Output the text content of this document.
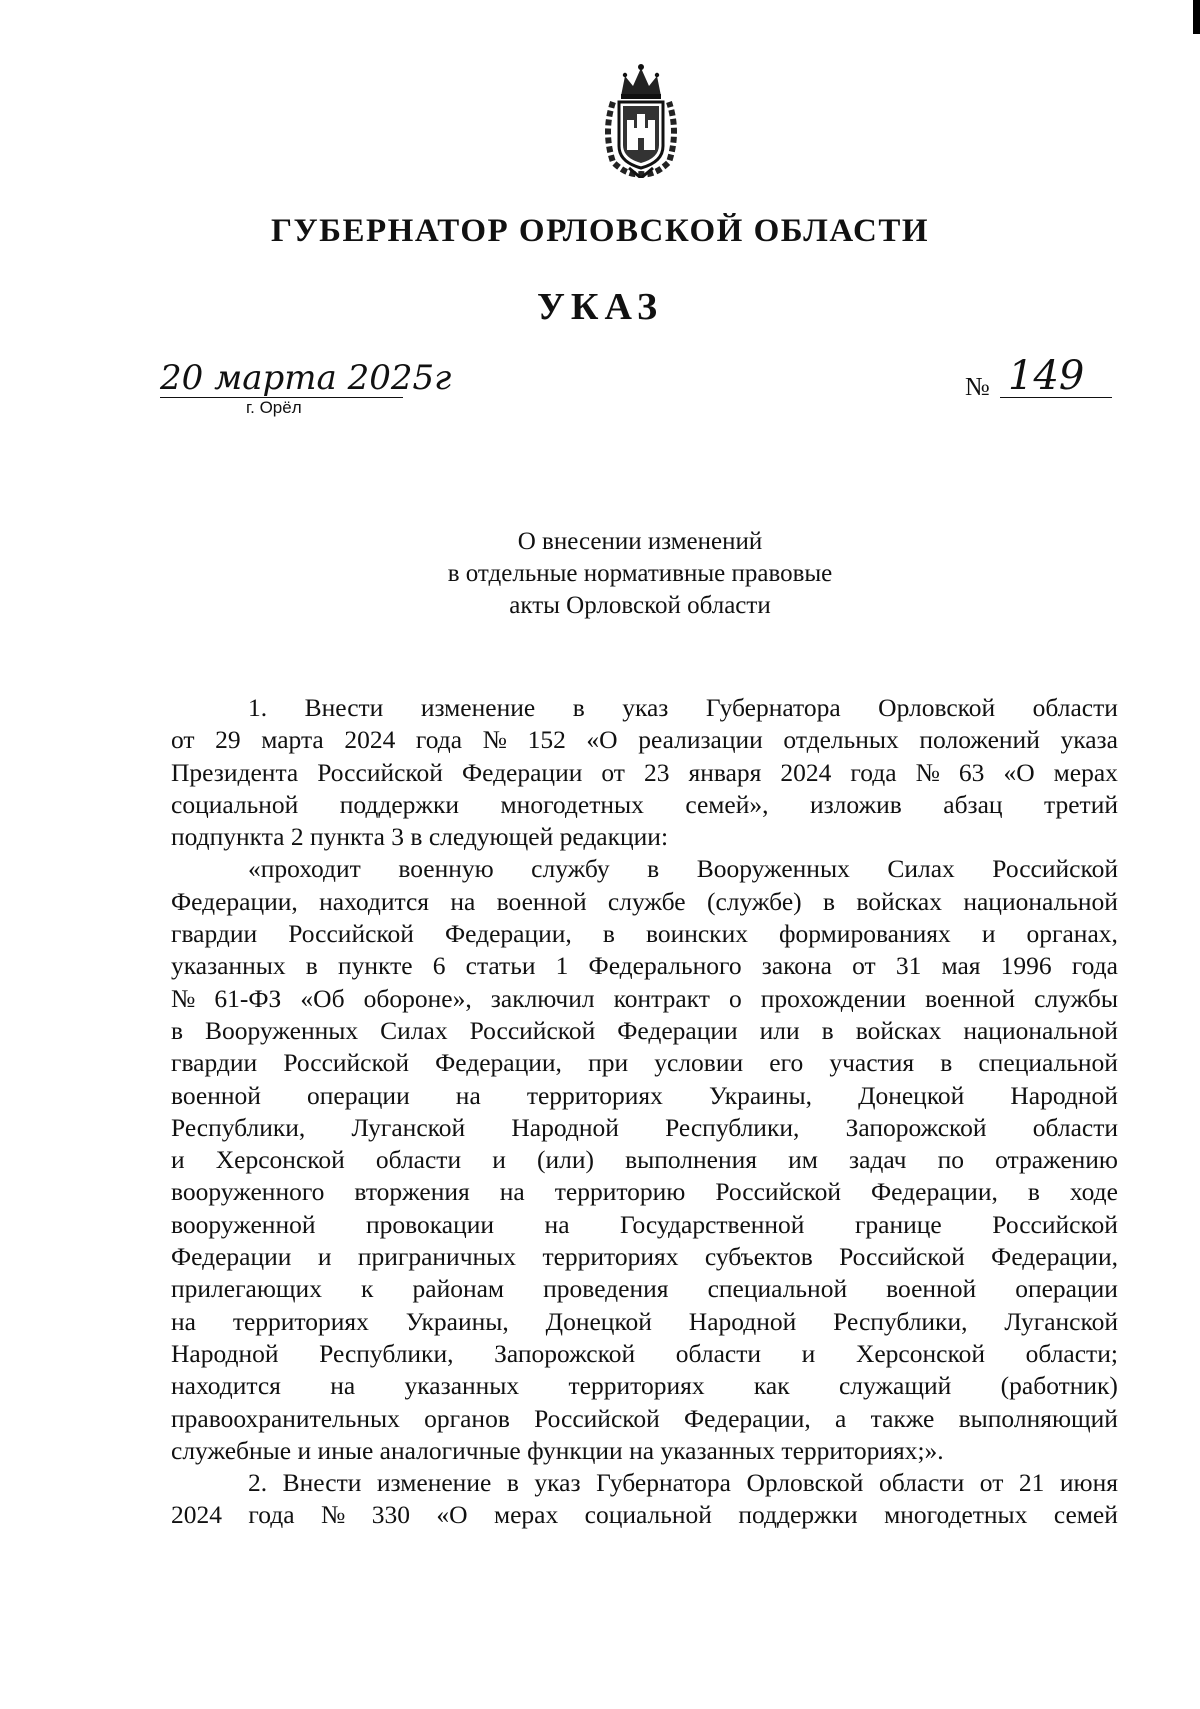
ГУБЕРНАТОР ОРЛОВСКОЙ ОБЛАСТИ
УКАЗ
20 марта 2025г
г. Орёл
№ 149
О внесении изменений
в отдельные нормативные правовые
акты Орловской области
1. Внести изменение в указ Губернатора Орловской области
от 29 марта 2024 года № 152 «О реализации отдельных положений указа
Президента Российской Федерации от 23 января 2024 года № 63 «О мерах
социальной поддержки многодетных семей», изложив абзац третий
подпункта
2
пункта
3
в
следующей
редакции:
«проходит военную службу в Вооруженных Силах Российской
Федерации, находится на военной службе (службе) в войсках национальной
гвардии Российской Федерации, в воинских формированиях и органах,
указанных в пункте 6 статьи 1 Федерального закона от 31 мая 1996 года
№ 61-ФЗ «Об обороне», заключил контракт о прохождении военной службы
в Вооруженных Силах Российской Федерации или в войсках национальной
гвардии Российской Федерации, при условии его участия в специальной
военной операции на территориях Украины, Донецкой Народной
Республики, Луганской Народной Республики, Запорожской области
и Херсонской области и (или) выполнения им задач по отражению
вооруженного вторжения на территорию Российской Федерации, в ходе
вооруженной провокации на Государственной границе Российской
Федерации и приграничных территориях субъектов Российской Федерации,
прилегающих к районам проведения специальной военной операции
на территориях Украины, Донецкой Народной Республики, Луганской
Народной Республики, Запорожской области и Херсонской области;
находится на указанных территориях как служащий (работник)
правоохранительных органов Российской Федерации, а также выполняющий
служебные
и
иные
аналогичные
функции
на
указанных
территориях;».
2. Внести изменение в указ Губернатора Орловской области от 21 июня
2024 года № 330 «О мерах социальной поддержки многодетных семей
